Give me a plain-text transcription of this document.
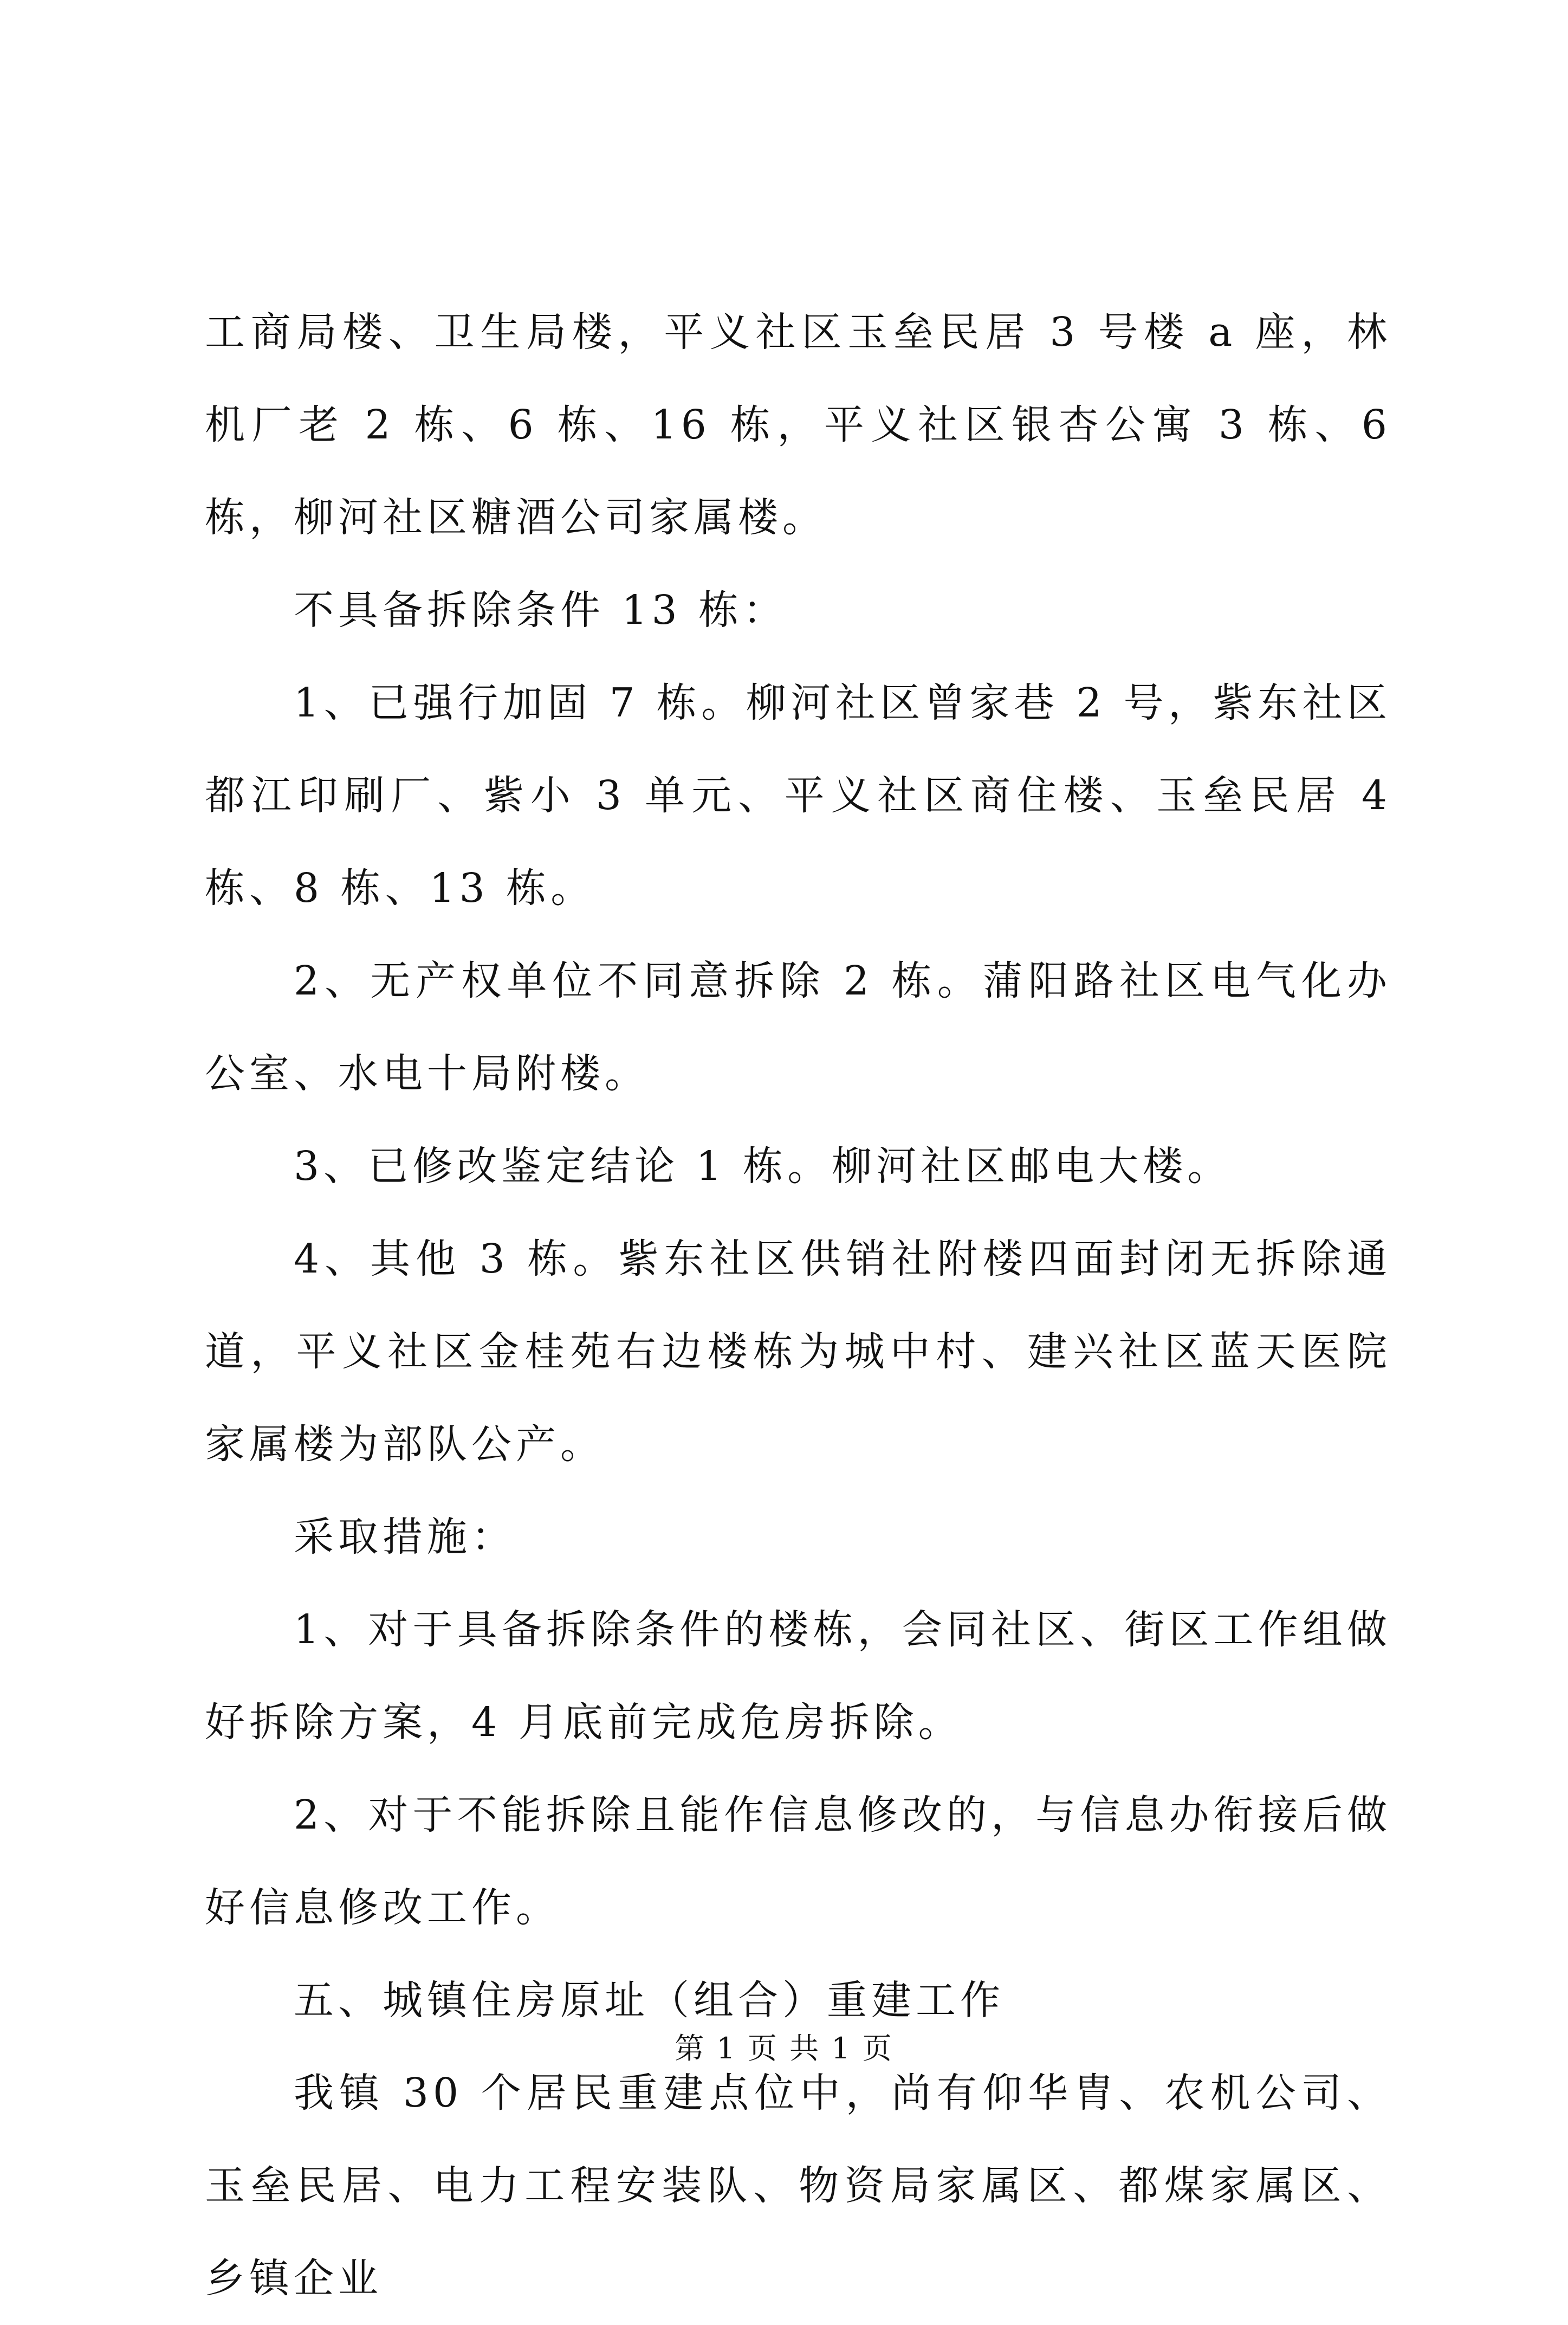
工商局楼、卫生局楼，平义社区玉垒民居 3 号楼 a 座，林机厂老 2 栋、6 栋、16 栋，平义社区银杏公寓 3 栋、6 栋，柳河社区糖酒公司家属楼。

不具备拆除条件 13 栋：

1、已强行加固 7 栋。柳河社区曾家巷 2 号，紫东社区都江印刷厂、紫小 3 单元、平义社区商住楼、玉垒民居 4 栋、8 栋、13 栋。

2、无产权单位不同意拆除 2 栋。蒲阳路社区电气化办公室、水电十局附楼。

3、已修改鉴定结论 1 栋。柳河社区邮电大楼。

4、其他 3 栋。紫东社区供销社附楼四面封闭无拆除通道，平义社区金桂苑右边楼栋为城中村、建兴社区蓝天医院家属楼为部队公产。

采取措施：

1、对于具备拆除条件的楼栋，会同社区、街区工作组做好拆除方案，4 月底前完成危房拆除。

2、对于不能拆除且能作信息修改的，与信息办衔接后做好信息修改工作。

五、城镇住房原址（组合）重建工作

我镇 30 个居民重建点位中，尚有仰华胄、农机公司、玉垒民居、电力工程安装队、物资局家属区、都煤家属区、乡镇企业

第 1 页 共 1 页
